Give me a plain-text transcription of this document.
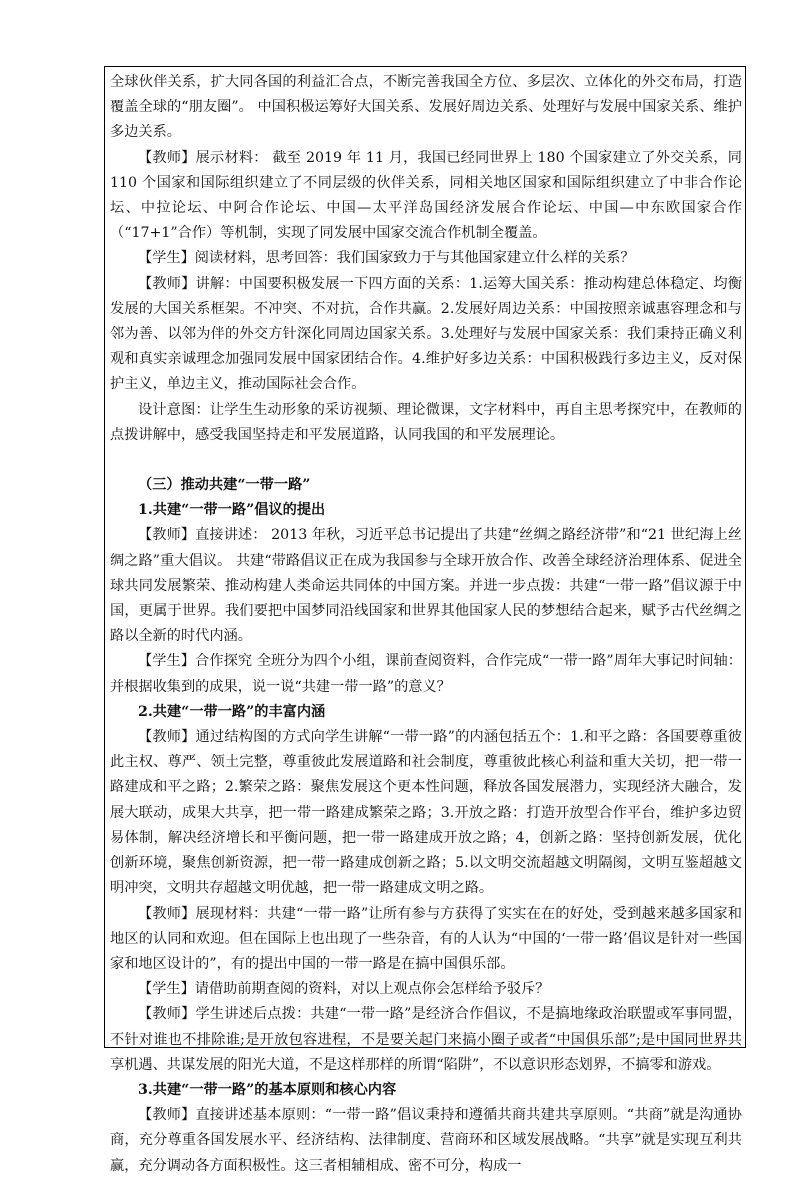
全球伙伴关系，扩大同各国的利益汇合点，不断完善我国全方位、多层次、立体化的外交布局，打造覆盖全球的“朋友圈”。 中国积极运筹好大国关系、发展好周边关系、处理好与发展中国家关系、维护多边关系。

【教师】展示材料： 截至 2019 年 11 月，我国已经同世界上 180 个国家建立了外交关系，同 110 个国家和国际组织建立了不同层级的伙伴关系，同相关地区国家和国际组织建立了中非合作论坛、中拉论坛、中阿合作论坛、中国—太平洋岛国经济发展合作论坛、中国—中东欧国家合作（“17+1”合作）等机制，实现了同发展中国家交流合作机制全覆盖。

【学生】阅读材料，思考回答：我们国家致力于与其他国家建立什么样的关系？

【教师】讲解：中国要积极发展一下四方面的关系：1.运筹大国关系：推动构建总体稳定、均衡发展的大国关系框架。不冲突、不对抗，合作共赢。2.发展好周边关系：中国按照亲诚惠容理念和与邻为善、以邻为伴的外交方针深化同周边国家关系。3.处理好与发展中国家关系：我们秉持正确义利观和真实亲诚理念加强同发展中国家团结合作。4.维护好多边关系：中国积极践行多边主义，反对保护主义，单边主义，推动国际社会合作。

设计意图：让学生生动形象的采访视频、理论微课，文字材料中，再自主思考探究中，在教师的点拨讲解中，感受我国坚持走和平发展道路，认同我国的和平发展理论。

（三）推动共建“一带一路”

1.共建“一带一路”倡议的提出

【教师】直接讲述： 2013 年秋，习近平总书记提出了共建“丝绸之路经济带”和“21 世纪海上丝绸之路”重大倡议。 共建“带路倡议正在成为我国参与全球开放合作、改善全球经济治理体系、促进全球共同发展繁荣、推动构建人类命运共同体的中国方案。并进一步点拨：共建“一带一路”倡议源于中国，更属于世界。我们要把中国梦同沿线国家和世界其他国家人民的梦想结合起来，赋予古代丝绸之路以全新的时代内涵。

【学生】合作探究 全班分为四个小组，课前查阅资料，合作完成“一带一路”周年大事记时间轴：并根据收集到的成果，说一说“共建一带一路”的意义？

2.共建“一带一路”的丰富内涵

【教师】通过结构图的方式向学生讲解“一带一路”的内涵包括五个：1.和平之路：各国要尊重彼此主权、尊严、领土完整，尊重彼此发展道路和社会制度，尊重彼此核心利益和重大关切，把一带一路建成和平之路；2.繁荣之路：聚焦发展这个更本性问题，释放各国发展潜力，实现经济大融合，发展大联动，成果大共享，把一带一路建成繁荣之路；3.开放之路：打造开放型合作平台，维护多边贸易体制，解决经济增长和平衡问题，把一带一路建成开放之路；4，创新之路：坚持创新发展，优化创新环境，聚焦创新资源，把一带一路建成创新之路；5.以文明交流超越文明隔阂，文明互鉴超越文明冲突，文明共存超越文明优越，把一带一路建成文明之路。

【教师】展现材料：共建“一带一路”让所有参与方获得了实实在在的好处，受到越来越多国家和地区的认同和欢迎。但在国际上也出现了一些杂音，有的人认为“中国的‘一带一路’倡议是针对一些国家和地区设计的”，有的提出中国的一带一路是在搞中国俱乐部。

【学生】请借助前期查阅的资料，对以上观点你会怎样给予驳斥？

【教师】学生讲述后点拨：共建“一带一路”是经济合作倡议，不是搞地缘政治联盟或军事同盟，不针对谁也不排除谁;是开放包容进程，不是要关起门来搞小圈子或者“中国俱乐部”;是中国同世界共享机遇、共谋发展的阳光大道，不是这样那样的所谓“陷阱”，不以意识形态划界，不搞零和游戏。

3.共建“一带一路”的基本原则和核心内容

【教师】直接讲述基本原则：“一带一路”倡议秉持和遵循共商共建共享原则。“共商”就是沟通协商，充分尊重各国发展水平、经济结构、法律制度、营商环和区域发展战略。“共享”就是实现互利共赢，充分调动各方面积极性。这三者相辅相成、密不可分，构成一
